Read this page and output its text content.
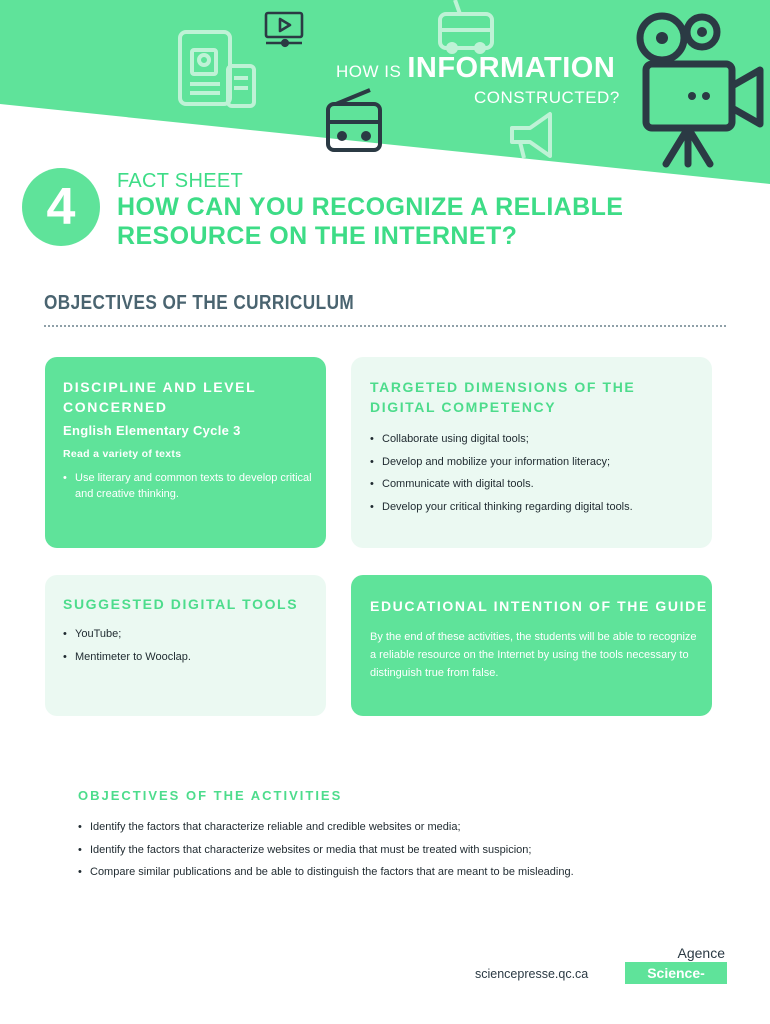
HOW IS INFORMATION
CONSTRUCTED?
4	FACT SHEET
HOW CAN YOU RECOGNIZE A RELIABLE RESOURCE ON THE INTERNET?
OBJECTIVES OF THE CURRICULUM
DISCIPLINE AND LEVEL
CONCERNED
English Elementary Cycle 3
Read a variety of texts
• Use literary and common texts to develop critical and creative thinking.
TARGETED DIMENSIONS OF THE
DIGITAL COMPETENCY
• Collaborate using digital tools;
• Develop and mobilize your information literacy;
• Communicate with digital tools.
• Develop your critical thinking regarding digital tools.
SUGGESTED DIGITAL TOOLS
• YouTube;
• Mentimeter to Wooclap.
EDUCATIONAL INTENTION OF THE GUIDE
By the end of these activities, the students will be able to recognize a reliable resource on the Internet by using the tools necessary to distinguish true from false.
OBJECTIVES OF THE ACTIVITIES
• Identify the factors that characterize reliable and credible websites or media;
• Identify the factors that characterize websites or media that must be treated with suspicion;
• Compare similar publications and be able to distinguish the factors that are meant to be misleading.
sciencepresse.qc.ca
Agence
Science-Presse
